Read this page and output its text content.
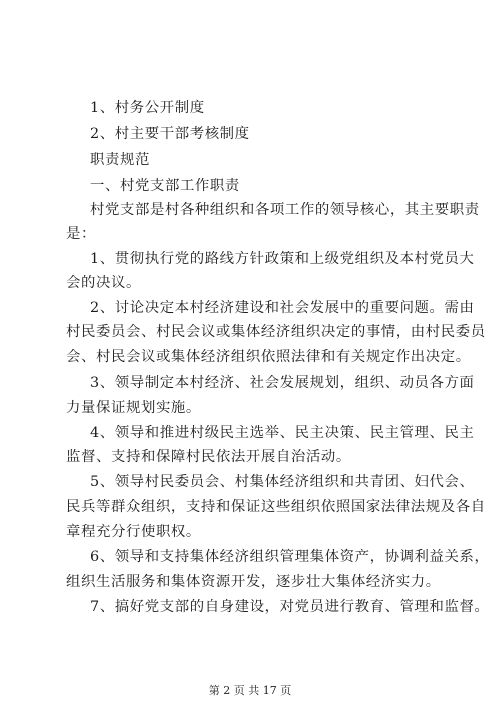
1、村务公开制度
2、村主要干部考核制度
职责规范
一、村党支部工作职责
村党支部是村各种组织和各项工作的领导核心，其主要职责
是：
1、贯彻执行党的路线方针政策和上级党组织及本村党员大
会的决议。
2、讨论决定本村经济建设和社会发展中的重要问题。需由
村民委员会、村民会议或集体经济组织决定的事情，由村民委员
会、村民会议或集体经济组织依照法律和有关规定作出决定。
3、领导制定本村经济、社会发展规划，组织、动员各方面
力量保证规划实施。
4、领导和推进村级民主选举、民主决策、民主管理、民主
监督、支持和保障村民依法开展自治活动。
5、领导村民委员会、村集体经济组织和共青团、妇代会、
民兵等群众组织，支持和保证这些组织依照国家法律法规及各自
章程充分行使职权。
6、领导和支持集体经济组织管理集体资产，协调利益关系，
组织生活服务和集体资源开发，逐步壮大集体经济实力。
7、搞好党支部的自身建设，对党员进行教育、管理和监督。
第 2 页 共 17 页
